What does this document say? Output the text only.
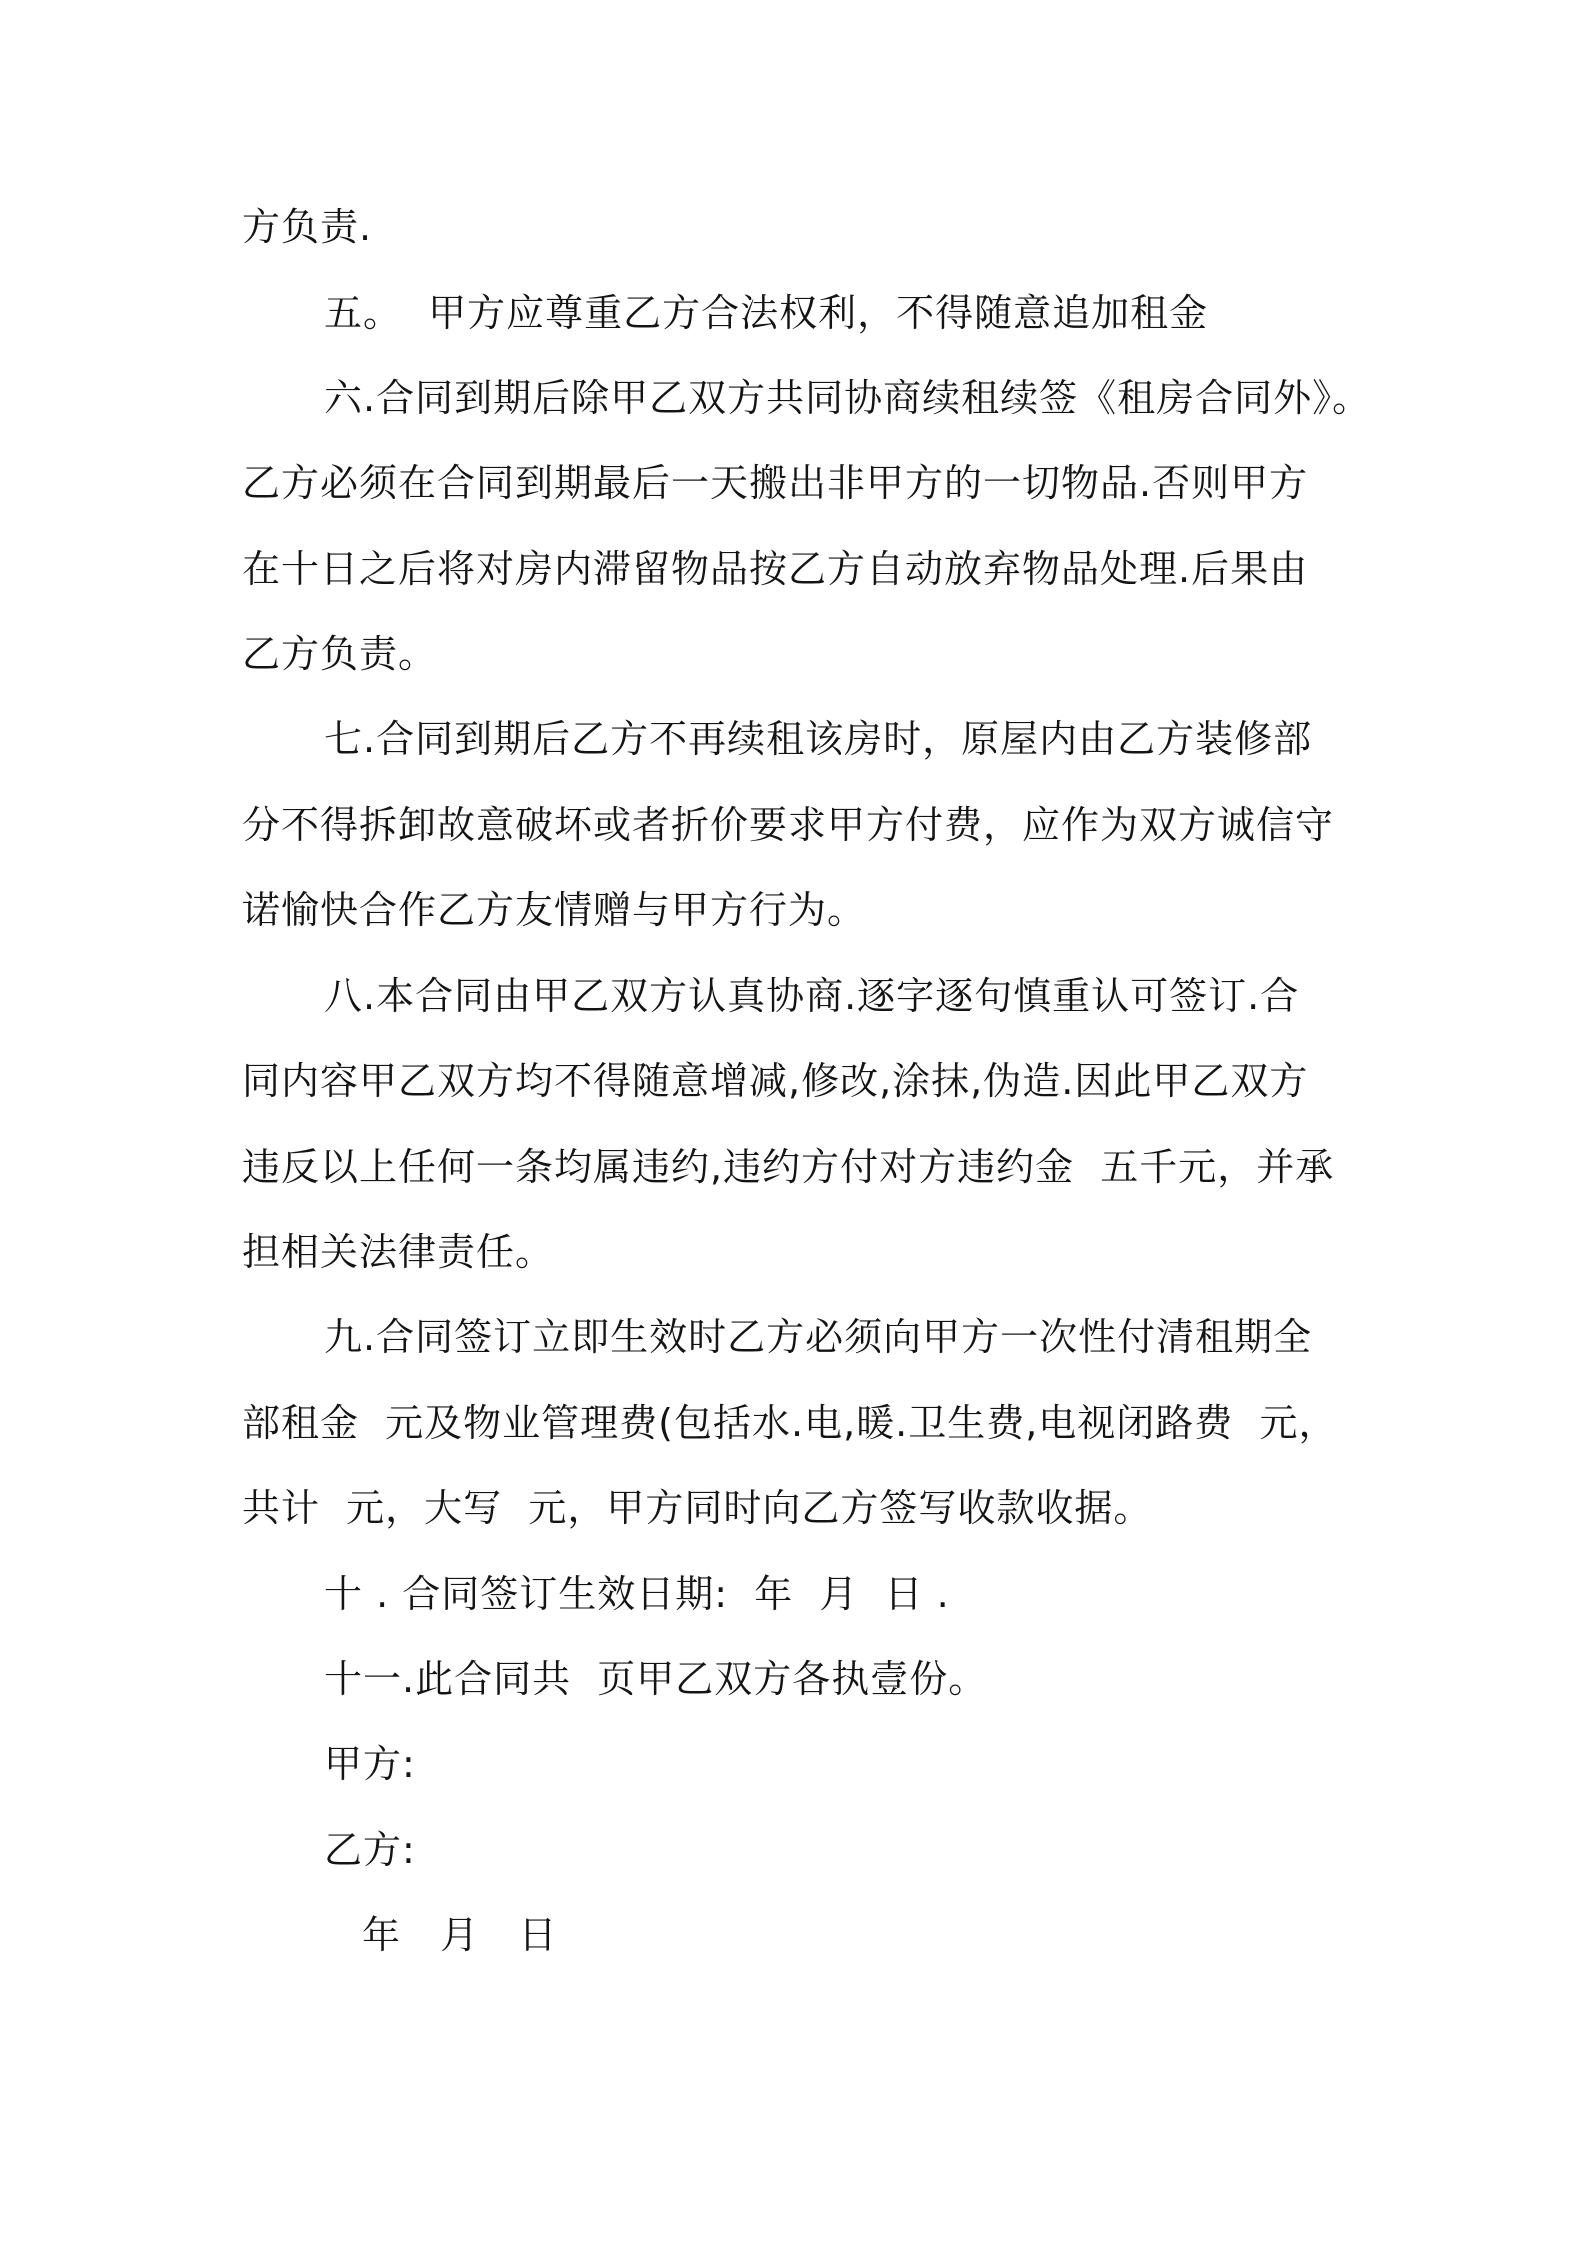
方负责.
五。  甲方应尊重乙方合法权利，不得随意追加租金
六.合同到期后除甲乙双方共同协商续租续签《租房合同外》。
乙方必须在合同到期最后一天搬出非甲方的一切物品.否则甲方
在十日之后将对房内滞留物品按乙方自动放弃物品处理.后果由
乙方负责。
七.合同到期后乙方不再续租该房时，原屋内由乙方装修部
分不得拆卸故意破坏或者折价要求甲方付费，应作为双方诚信守
诺愉快合作乙方友情赠与甲方行为。
八.本合同由甲乙双方认真协商.逐字逐句慎重认可签订.合
同内容甲乙双方均不得随意增减,修改,涂抹,伪造.因此甲乙双方
违反以上任何一条均属违约,违约方付对方违约金  五千元，并承
担相关法律责任。
九.合同签订立即生效时乙方必须向甲方一次性付清租期全
部租金  元及物业管理费(包括水.电,暖.卫生费,电视闭路费  元，
共计  元，大写  元，甲方同时向乙方签写收款收据。
十 . 合同签订生效日期:  年  月  日 .
十一.此合同共  页甲乙双方各执壹份。
甲方:
乙方:
年   月   日
